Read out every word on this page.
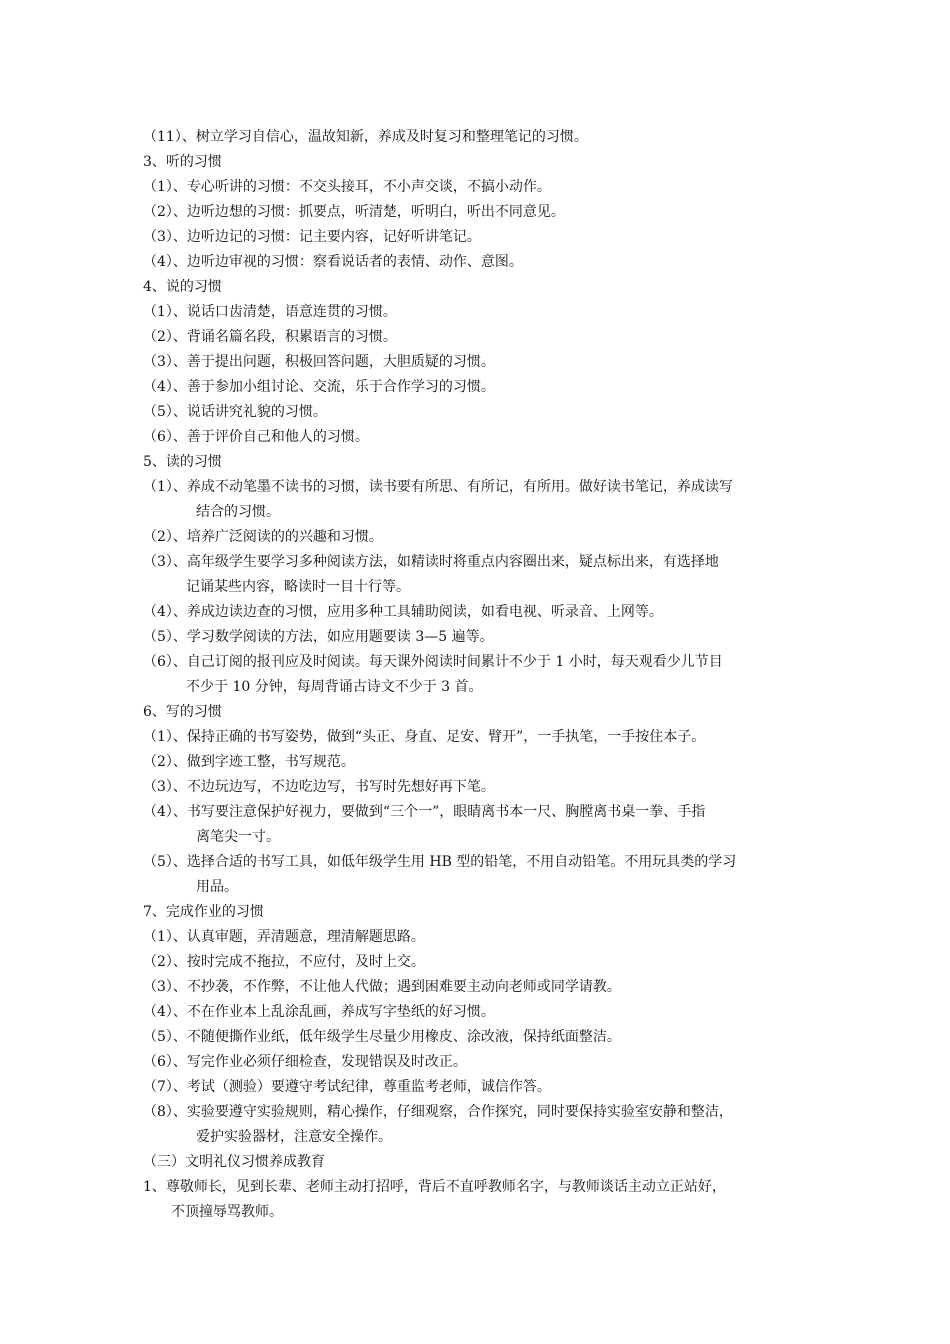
（11）、树立学习自信心，温故知新，养成及时复习和整理笔记的习惯。
3、听的习惯
（1）、专心听讲的习惯：不交头接耳，不小声交谈，不搞小动作。
（2）、边听边想的习惯：抓要点，听清楚，听明白，听出不同意见。
（3）、边听边记的习惯：记主要内容，记好听讲笔记。
（4）、边听边审视的习惯：察看说话者的表情、动作、意图。
4、说的习惯
（1）、说话口齿清楚，语意连贯的习惯。
（2）、背诵名篇名段，积累语言的习惯。
（3）、善于提出问题，积极回答问题，大胆质疑的习惯。
（4）、善于参加小组讨论、交流，乐于合作学习的习惯。
（5）、说话讲究礼貌的习惯。
（6）、善于评价自己和他人的习惯。
5、读的习惯
（1）、养成不动笔墨不读书的习惯，读书要有所思、有所记，有所用。做好读书笔记，养成读写
结合的习惯。
（2）、培养广泛阅读的的兴趣和习惯。
（3）、高年级学生要学习多种阅读方法，如精读时将重点内容圈出来，疑点标出来，有选择地
记诵某些内容，略读时一目十行等。
（4）、养成边读边查的习惯，应用多种工具辅助阅读，如看电视、听录音、上网等。
（5）、学习数学阅读的方法，如应用题要读 3—5 遍等。
（6）、自己订阅的报刊应及时阅读。每天课外阅读时间累计不少于 1 小时，每天观看少儿节目
不少于 10 分钟，每周背诵古诗文不少于 3 首。
6、写的习惯
（1）、保持正确的书写姿势，做到“头正、身直、足安、臂开”，一手执笔，一手按住本子。
（2）、做到字迹工整，书写规范。
（3）、不边玩边写，不边吃边写，书写时先想好再下笔。
（4）、书写要注意保护好视力，要做到“三个一”，眼睛离书本一尺、胸膛离书桌一拳、手指
离笔尖一寸。
（5）、选择合适的书写工具，如低年级学生用 HB 型的铅笔，不用自动铅笔。不用玩具类的学习
用品。
7、完成作业的习惯
（1）、认真审题，弄清题意，理清解题思路。
（2）、按时完成不拖拉，不应付，及时上交。
（3）、不抄袭，不作弊，不让他人代做；遇到困难要主动向老师或同学请教。
（4）、不在作业本上乱涂乱画，养成写字垫纸的好习惯。
（5）、不随便撕作业纸，低年级学生尽量少用橡皮、涂改液，保持纸面整洁。
（6）、写完作业必须仔细检查，发现错误及时改正。
（7）、考试（测验）要遵守考试纪律，尊重监考老师，诚信作答。
（8）、实验要遵守实验规则，精心操作，仔细观察，合作探究，同时要保持实验室安静和整洁，
爱护实验器材，注意安全操作。
（三）文明礼仪习惯养成教育
1、尊敬师长，见到长辈、老师主动打招呼，背后不直呼教师名字，与教师谈话主动立正站好，
不顶撞辱骂教师。
